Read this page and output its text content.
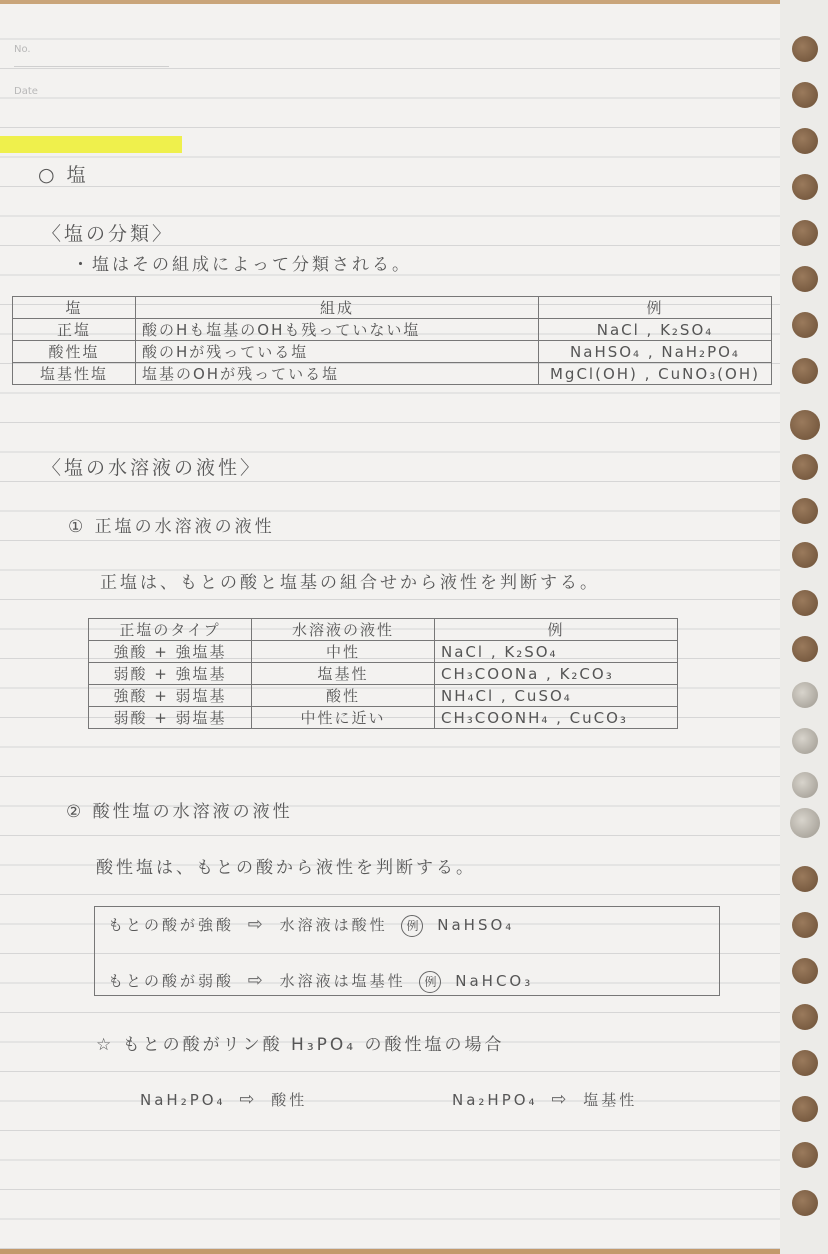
No.
Date
○ 塩
〈塩の分類〉
・塩はその組成によって分類される。
塩	組成	例
正塩	酸のHも塩基のOHも残っていない塩	NaCl , K₂SO₄
酸性塩	酸のHが残っている塩	NaHSO₄ , NaH₂PO₄
塩基性塩	塩基のOHが残っている塩	MgCl(OH) , CuNO₃(OH)
〈塩の水溶液の液性〉
① 正塩の水溶液の液性
正塩は、もとの酸と塩基の組合せから液性を判断する。
正塩のタイプ	水溶液の液性	例
強酸 + 強塩基	中性	NaCl , K₂SO₄
弱酸 + 強塩基	塩基性	CH₃COONa , K₂CO₃
強酸 + 弱塩基	酸性	NH₄Cl , CuSO₄
弱酸 + 弱塩基	中性に近い	CH₃COONH₄ , CuCO₃
② 酸性塩の水溶液の液性
酸性塩は、もとの酸から液性を判断する。
もとの酸が強酸 ⇨ 水溶液は酸性 例 NaHSO₄
もとの酸が弱酸 ⇨ 水溶液は塩基性 例 NaHCO₃
☆ もとの酸がリン酸 H₃PO₄ の酸性塩の場合
NaH₂PO₄ ⇨ 酸性	Na₂HPO₄ ⇨ 塩基性
